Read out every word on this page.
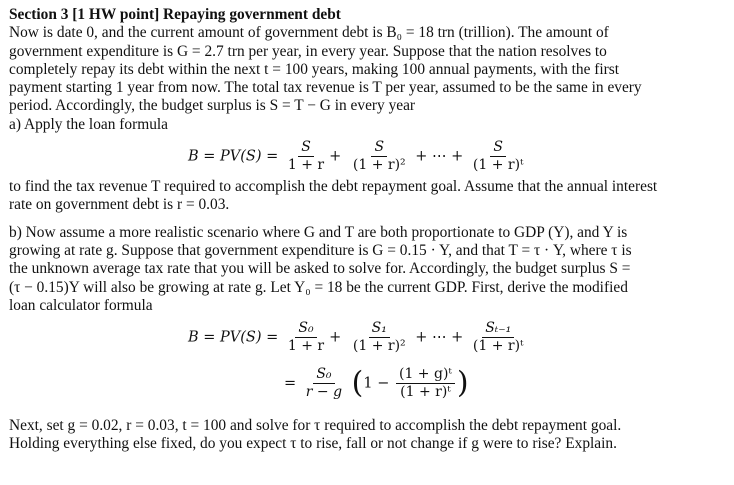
Section 3 [1 HW point] Repaying government debt

Now is date 0, and the current amount of government debt is B₀ = 18 trn (trillion). The amount of

government expenditure is G = 2.7 trn per year, in every year. Suppose that the nation resolves to

completely repay its debt within the next t = 100 years, making 100 annual payments, with the first

payment starting 1 year from now. The total tax revenue is T per year, assumed to be the same in every

period. Accordingly, the budget surplus is S = T − G in every year

a) Apply the loan formula

$B = PV(S) = \frac{S}{1 + r} + \frac{S}{\text{(1 + r)²}}$ + ⋯ + $\frac{S}{\text{(1 + r)ᵗ}}$

to find the tax revenue T required to accomplish the debt repayment goal. Assume that the annual interest

rate on government debt is r = 0.03.

b) Now assume a more realistic scenario where G and T are both proportionate to GDP (Y), and Y is

growing at rate g. Suppose that government expenditure is G = 0.15 · Y, and that T = τ · Y, where τ is

the unknown average tax rate that you will be asked to solve for. Accordingly, the budget surplus S =

(τ − 0.15)Y will also be growing at rate g. Let Y₀ = 18 be the current GDP. First, derive the modified

loan calculator formula

$B = PV(S) = \frac{\text{S₀}}{1 + r} + \frac{\text{S₁}}{\text{(1 + r)²}}$ + ⋯ + $\frac{\text{Sₜ₋₁}}{\text{(1 + r)ᵗ}}$
= $\frac{\text{S₀}}{r - g} (1 - \frac{\text{(1 + g)ᵗ}}{\text{(1 + r)ᵗ}}$ )

Next, set g = 0.02, r = 0.03, t = 100 and solve for τ required to accomplish the debt repayment goal.

Holding everything else fixed, do you expect τ to rise, fall or not change if g were to rise? Explain.
